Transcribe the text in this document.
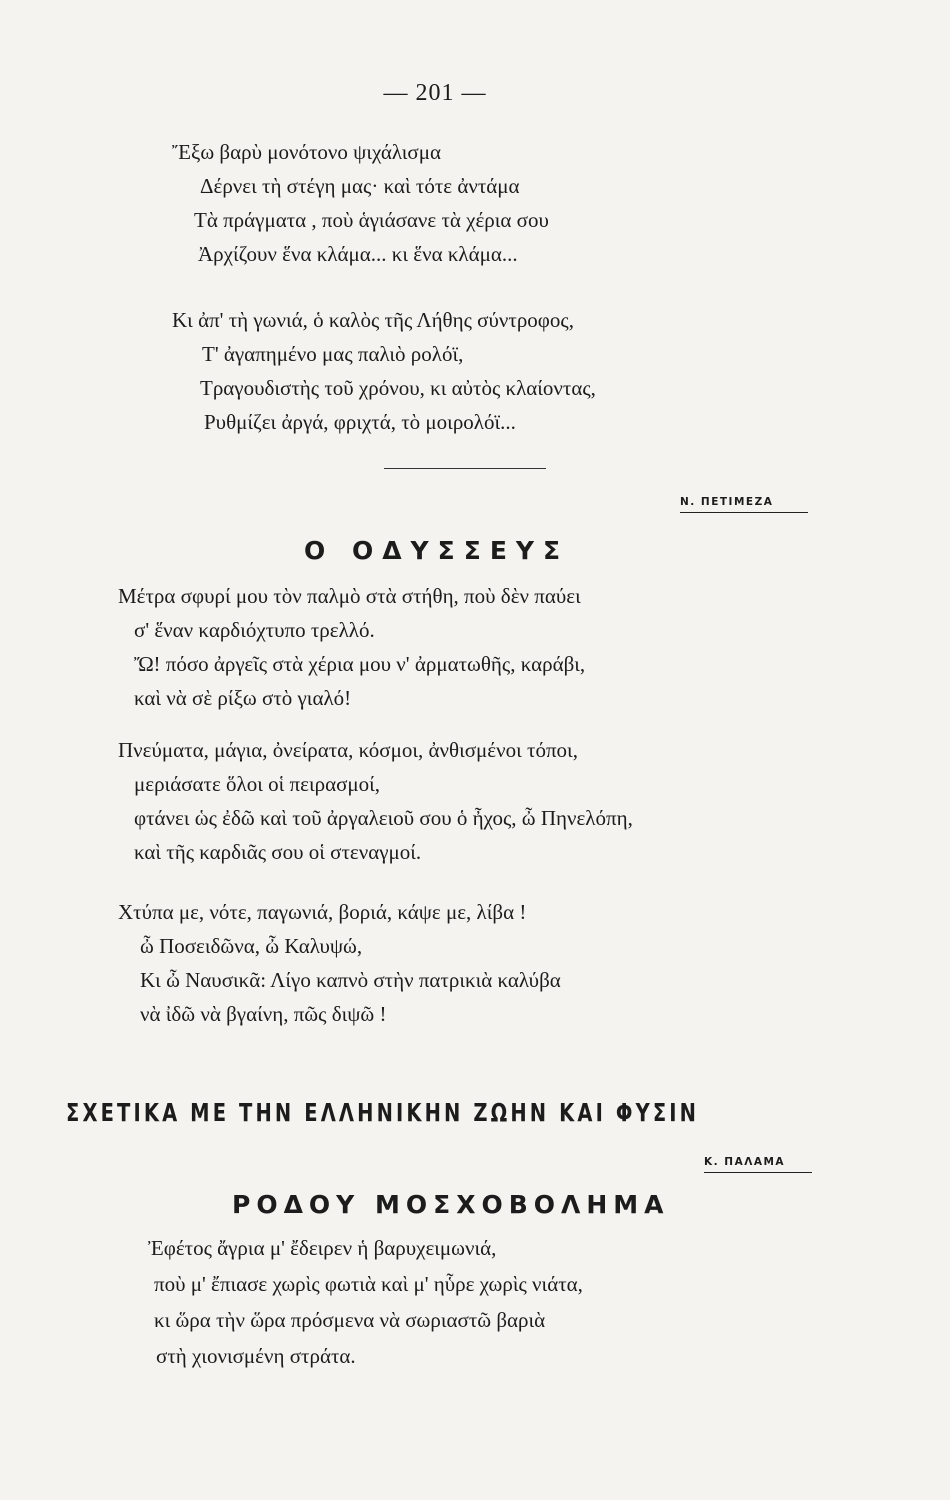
— 201 —
Ἔξω βαρὺ μονότονο ψιχάλισμα
Δέρνει τὴ στέγη μας· καὶ τότε ἀντάμα
Τὰ πράγματα , ποὺ ἁγιάσανε τὰ χέρια σου
Ἀρχίζουν ἕνα κλάμα... κι ἕνα κλάμα...
Κι ἀπ' τὴ γωνιά, ὁ καλὸς τῆς Λήθης σύντροφος,
Τ' ἀγαπημένο μας παλιὸ ρολόϊ,
Τραγουδιστὴς τοῦ χρόνου, κι αὐτὸς κλαίοντας,
Ρυθμίζει ἀργά, φριχτά, τὸ μοιρολόϊ...
Ν. ΠΕΤΙΜΕΖΑ
Ο ΟΔΥΣΣΕΥΣ
Μέτρα σφυρί μου τὸν παλμὸ στὰ στήθη, ποὺ δὲν παύει
σ' ἕναν καρδιόχτυπο τρελλό.
Ὤ! πόσο ἀργεῖς στὰ χέρια μου ν' ἀρματωθῆς, καράβι,
καὶ νὰ σὲ ρίξω στὸ γιαλό!
Πνεύματα, μάγια, ὀνείρατα, κόσμοι, ἀνθισμένοι τόποι,
μεριάσατε ὅλοι οἱ πειρασμοί,
φτάνει ὡς ἐδῶ καὶ τοῦ ἀργαλειοῦ σου ὁ ἦχος, ὦ Πηνελόπη,
καὶ τῆς καρδιᾶς σου οἱ στεναγμοί.
Χτύπα με, νότε, παγωνιά, βοριά, κάψε με, λίβα !
ὦ Ποσειδῶνα, ὦ Καλυψώ,
Κι ὦ Ναυσικᾶ: Λίγο καπνὸ στὴν πατρικιὰ καλύβα
νὰ ἰδῶ νὰ βγαίνη, πῶς διψῶ !
ΣΧΕΤΙΚΑ ΜΕ ΤΗΝ ΕΛΛΗΝΙΚΗΝ ΖΩΗΝ ΚΑΙ ΦΥΣΙΝ
Κ. ΠΑΛΑΜΑ
ΡΟΔΟΥ ΜΟΣΧΟΒΟΛΗΜΑ
Ἐφέτος ἄγρια μ' ἔδειρεν ἡ βαρυχειμωνιά,
ποὺ μ' ἔπιασε χωρὶς φωτιὰ καὶ μ' ηὗρε χωρὶς νιάτα,
κι ὥρα τὴν ὥρα πρόσμενα νὰ σωριαστῶ βαριὰ
στὴ χιονισμένη στράτα.
